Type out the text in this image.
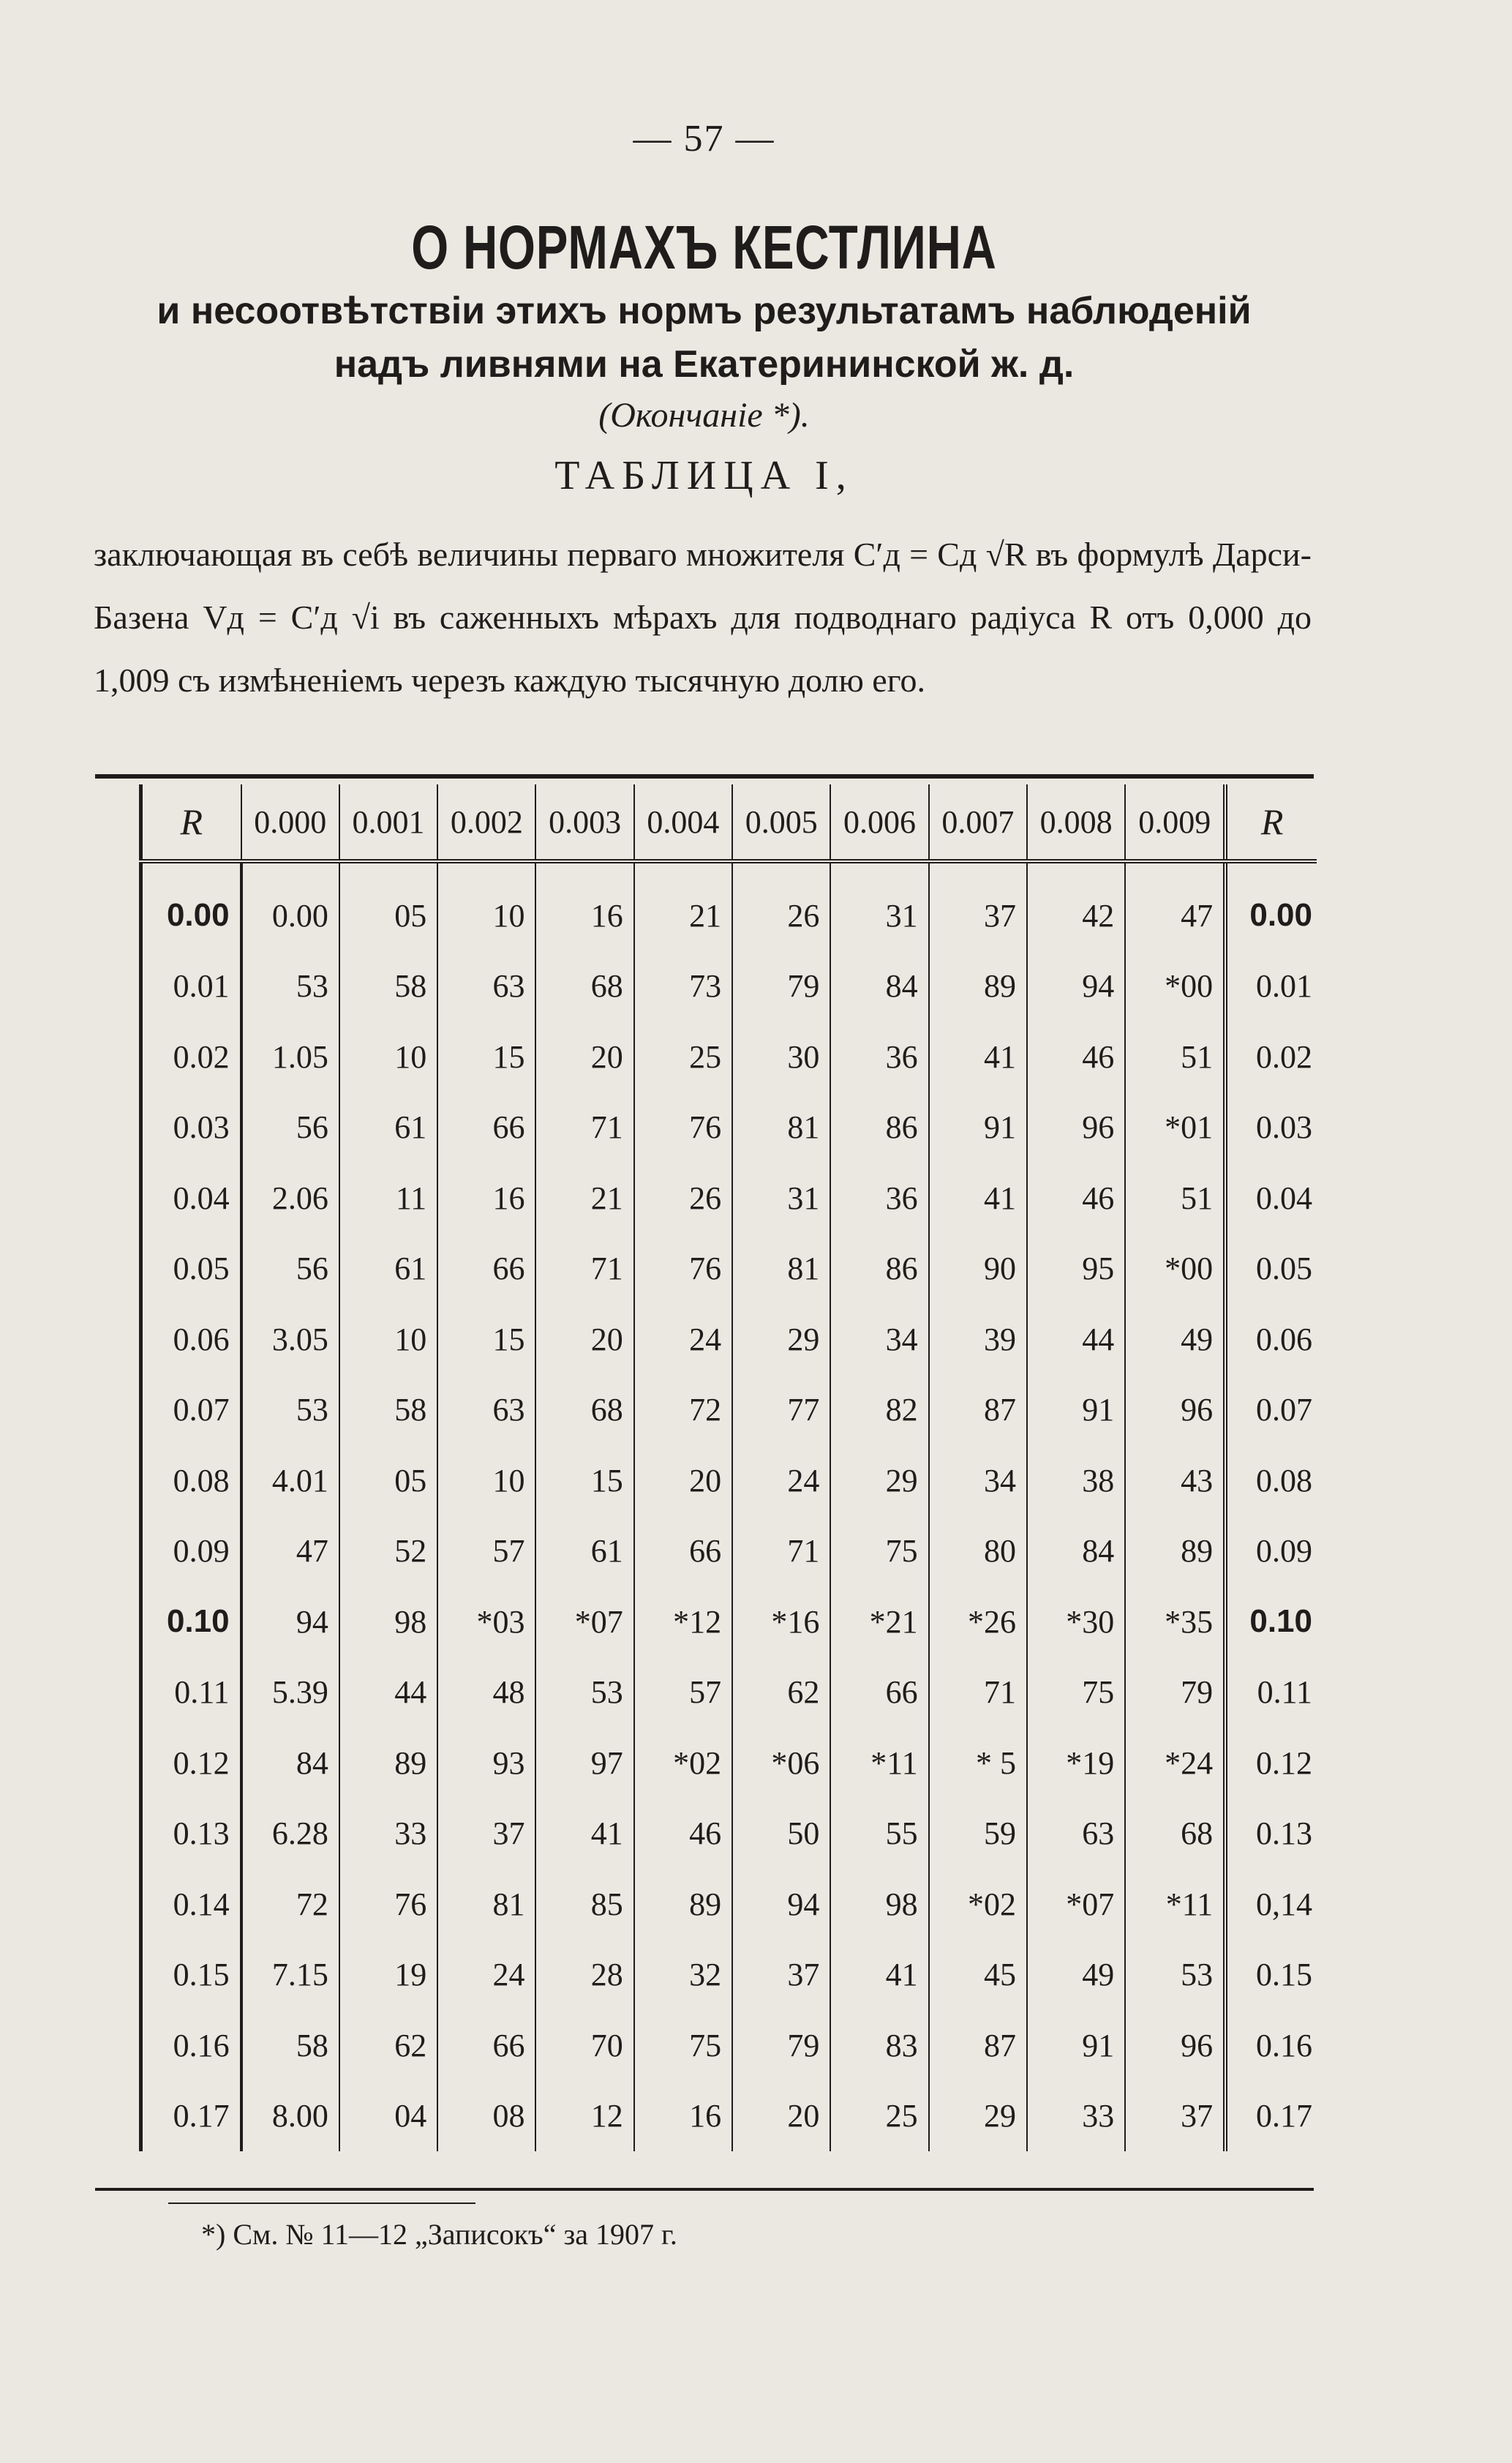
— 57 —
О НОРМАХЪ КЕСТЛИНА
и несоотвѣтствіи этихъ нормъ результатамъ наблюденій
надъ ливнями на Екатерининской ж. д.
(Окончаніе *).
ТАБЛИЦА I,
заключающая въ себѣ величины перваго множителя C′д = Cд √R въ формулѣ Дарси-Базена Vд = C′д √i въ саженныхъ мѣрахъ для подводнаго радіуса R отъ 0,000 до 1,009 съ измѣненіемъ черезъ каждую тысячную долю его.
R	0.000	0.001	0.002	0.003	0.004	0.005	0.006	0.007	0.008	0.009	R
0.00	0.00	05	10	16	21	26	31	37	42	47	0.00
0.01	53	58	63	68	73	79	84	89	94	*00	0.01
0.02	1.05	10	15	20	25	30	36	41	46	51	0.02
0.03	56	61	66	71	76	81	86	91	96	*01	0.03
0.04	2.06	11	16	21	26	31	36	41	46	51	0.04
0.05	56	61	66	71	76	81	86	90	95	*00	0.05
0.06	3.05	10	15	20	24	29	34	39	44	49	0.06
0.07	53	58	63	68	72	77	82	87	91	96	0.07
0.08	4.01	05	10	15	20	24	29	34	38	43	0.08
0.09	47	52	57	61	66	71	75	80	84	89	0.09
0.10	94	98	*03	*07	*12	*16	*21	*26	*30	*35	0.10
0.11	5.39	44	48	53	57	62	66	71	75	79	0.11
0.12	84	89	93	97	*02	*06	*11	* 5	*19	*24	0.12
0.13	6.28	33	37	41	46	50	55	59	63	68	0.13
0.14	72	76	81	85	89	94	98	*02	*07	*11	0,14
0.15	7.15	19	24	28	32	37	41	45	49	53	0.15
0.16	58	62	66	70	75	79	83	87	91	96	0.16
0.17	8.00	04	08	12	16	20	25	29	33	37	0.17
*) См. № 11—12 „Записокъ“ за 1907 г.
